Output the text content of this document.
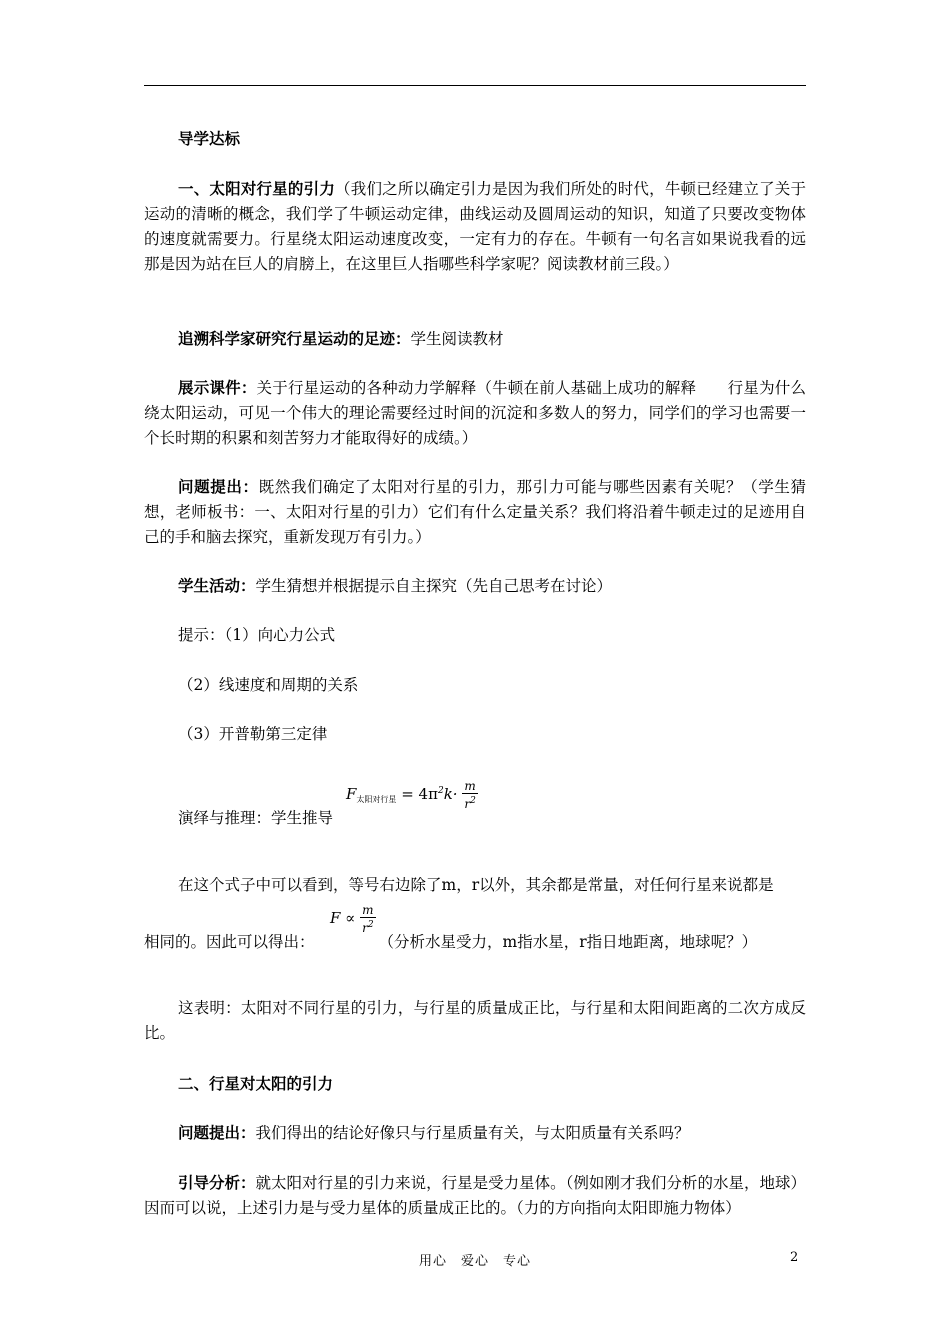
导学达标

一、太阳对行星的引力（我们之所以确定引力是因为我们所处的时代，牛顿已经建立了关于运动的清晰的概念，我们学了牛顿运动定律，曲线运动及圆周运动的知识，知道了只要改变物体的速度就需要力。行星绕太阳运动速度改变，一定有力的存在。牛顿有一句名言如果说我看的远那是因为站在巨人的肩膀上，在这里巨人指哪些科学家呢？阅读教材前三段。）

追溯科学家研究行星运动的足迹：学生阅读教材

展示课件：关于行星运动的各种动力学解释（牛顿在前人基础上成功的解释　　行星为什么绕太阳运动，可见一个伟大的理论需要经过时间的沉淀和多数人的努力，同学们的学习也需要一个长时期的积累和刻苦努力才能取得好的成绩。）

问题提出：既然我们确定了太阳对行星的引力，那引力可能与哪些因素有关呢？（学生猜想，老师板书：一、太阳对行星的引力）它们有什么定量关系？我们将沿着牛顿走过的足迹用自己的手和脑去探究，重新发现万有引力。）

学生活动：学生猜想并根据提示自主探究（先自己思考在讨论）

提示：（1）向心力公式

（2）线速度和周期的关系

（3）开普勒第三定律

$F_{太阳对行星} = 4\pi^2k\cdot \frac{m}{r^2}$

演绎与推理：学生推导

在这个式子中可以看到，等号右边除了m，r以外，其余都是常量，对任何行星来说都是

$F \propto \frac{m}{r^2}$

相同的。因此可以得出：	（分析水星受力，m指水星，r指日地距离，地球呢？）

这表明：太阳对不同行星的引力，与行星的质量成正比，与行星和太阳间距离的二次方成反比。

二、行星对太阳的引力

问题提出：我们得出的结论好像只与行星质量有关，与太阳质量有关系吗？

引导分析：就太阳对行星的引力来说，行星是受力星体。（例如刚才我们分析的水星，地球）因而可以说，上述引力是与受力星体的质量成正比的。（力的方向指向太阳即施力物体）

用心　爱心　专心	2
